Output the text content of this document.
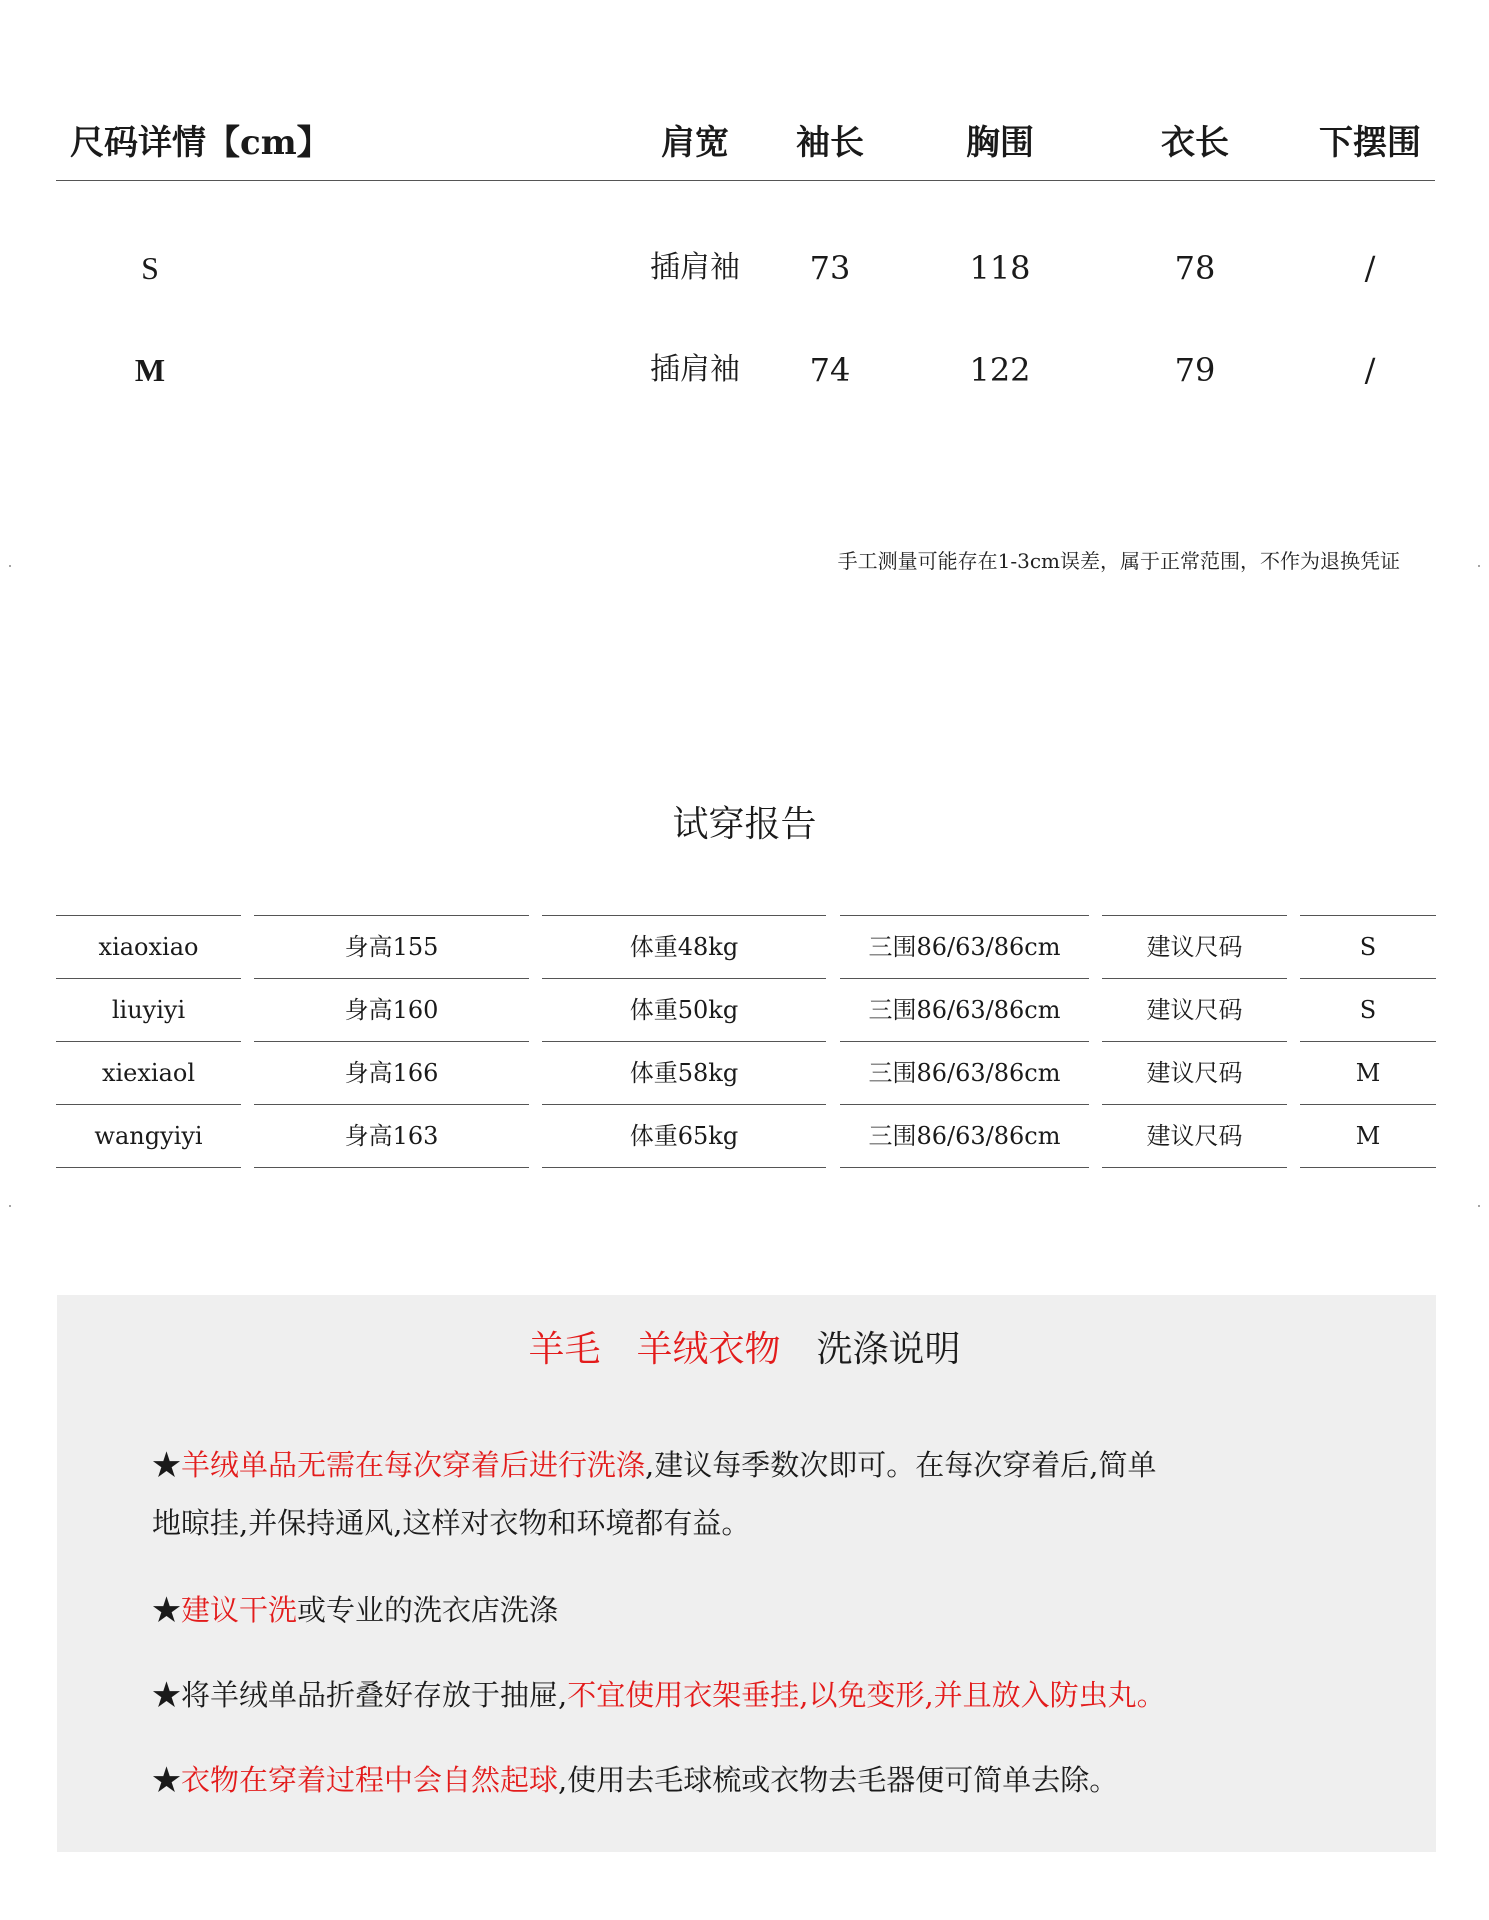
尺码详情【cm】	肩宽	袖长	胸围	衣长	下摆围
S	插肩袖	73	118	78	/
M	插肩袖	74	122	79	/
手工测量可能存在1-3cm误差，属于正常范围，不作为退换凭证
试穿报告
xiaoxiao	身高155	体重48kg	三围86/63/86cm	建议尺码	S
liuyiyi	身高160	体重50kg	三围86/63/86cm	建议尺码	S
xiexiaol	身高166	体重58kg	三围86/63/86cm	建议尺码	M
wangyiyi	身高163	体重65kg	三围86/63/86cm	建议尺码	M
羊毛 羊绒衣物 洗涤说明
★羊绒单品无需在每次穿着后进行洗涤,建议每季数次即可。在每次穿着后,简单
地晾挂,并保持通风,这样对衣物和环境都有益。
★建议干洗或专业的洗衣店洗涤
★将羊绒单品折叠好存放于抽屉,不宜使用衣架垂挂,以免变形,并且放入防虫丸。
★衣物在穿着过程中会自然起球,使用去毛球梳或衣物去毛器便可简单去除。
